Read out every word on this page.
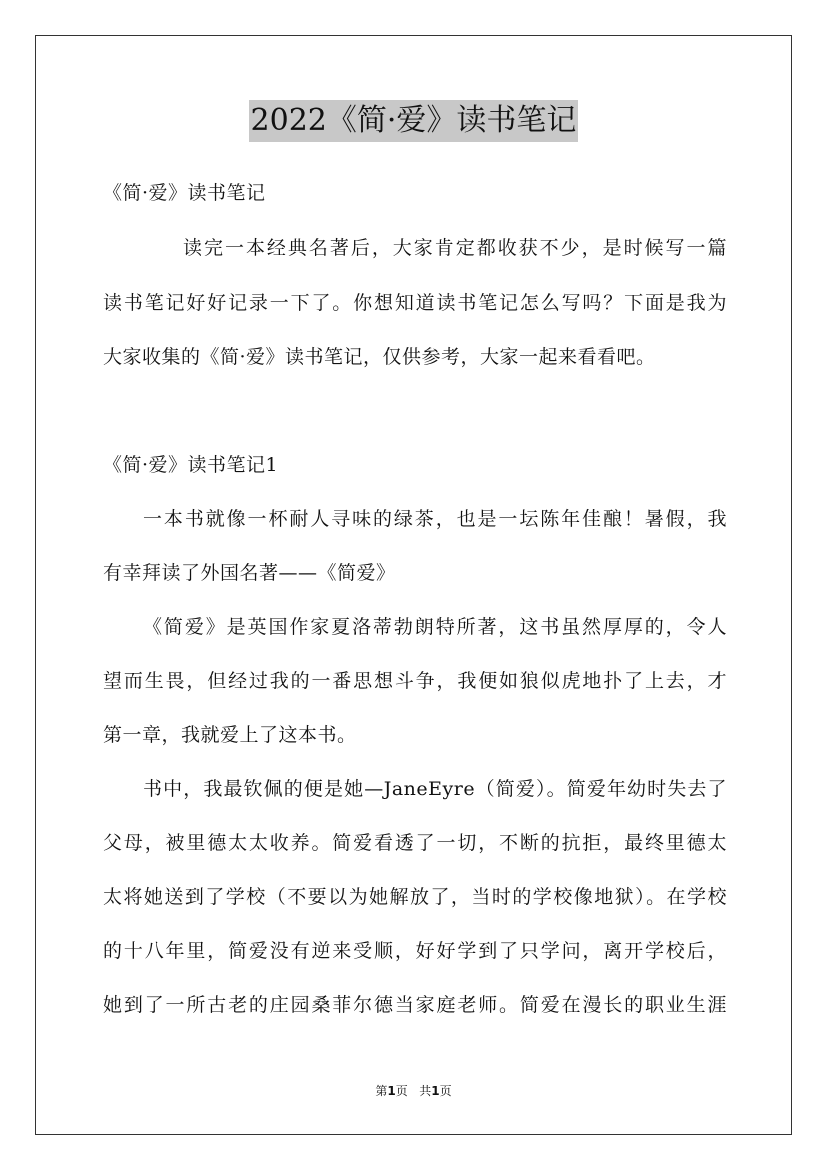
2022《简·爱》读书笔记
《简·爱》读书笔记
读完一本经典名著后，大家肯定都收获不少，是时候写一篇
读书笔记好好记录一下了。你想知道读书笔记怎么写吗？下面是我为
大家收集的《简·爱》读书笔记，仅供参考，大家一起来看看吧。
《简·爱》读书笔记1
一本书就像一杯耐人寻味的绿茶，也是一坛陈年佳酿！暑假，我
有幸拜读了外国名著——《简爱》
《简爱》是英国作家夏洛蒂勃朗特所著，这书虽然厚厚的，令人
望而生畏，但经过我的一番思想斗争，我便如狼似虎地扑了上去，才
第一章，我就爱上了这本书。
书中，我最钦佩的便是她—JaneEyre（简爱）。简爱年幼时失去了
父母，被里德太太收养。简爱看透了一切，不断的抗拒，最终里德太
太将她送到了学校（不要以为她解放了，当时的学校像地狱）。在学校
的十八年里，简爱没有逆来受顺，好好学到了只学问，离开学校后，
她到了一所古老的庄园桑菲尔德当家庭老师。简爱在漫长的职业生涯
第1页 共1页
